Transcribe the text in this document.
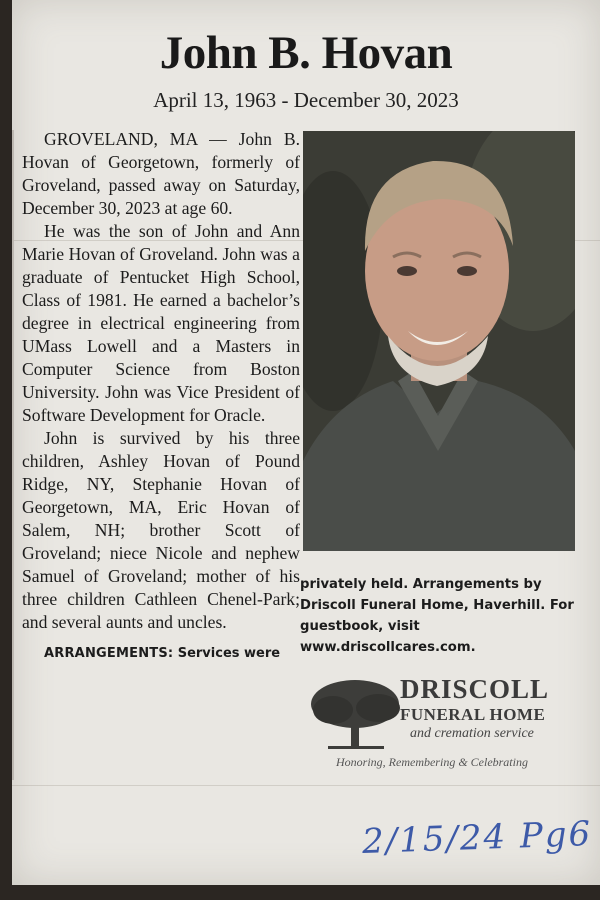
John B. Hovan
April 13, 1963 - December 30, 2023

GROVELAND, MA — John B. Hovan of Georgetown, formerly of Groveland, passed away on Saturday, December 30, 2023 at age 60.

He was the son of John and Ann Marie Hovan of Groveland. John was a graduate of Pentucket High School, Class of 1981. He earned a bachelor’s degree in electrical engineering from UMass Lowell and a Masters in Computer Science from Boston University. John was Vice President of Software Development for Oracle.

John is survived by his three children, Ashley Hovan of Pound Ridge, NY, Stephanie Hovan of Georgetown, MA, Eric Hovan of Salem, NH; brother Scott of Groveland; niece Nicole and nephew Samuel of Groveland; mother of his three children Cathleen Chenel-Park; and several aunts and uncles.

ARRANGEMENTS: Services were

privately held. Arrangements by Driscoll Funeral Home, Haverhill. For guestbook, visit www.driscollcares.com.

DRISCOLL
FUNERAL HOME
and cremation service
Honoring, Remembering & Celebrating
2/15/24 Pg6
